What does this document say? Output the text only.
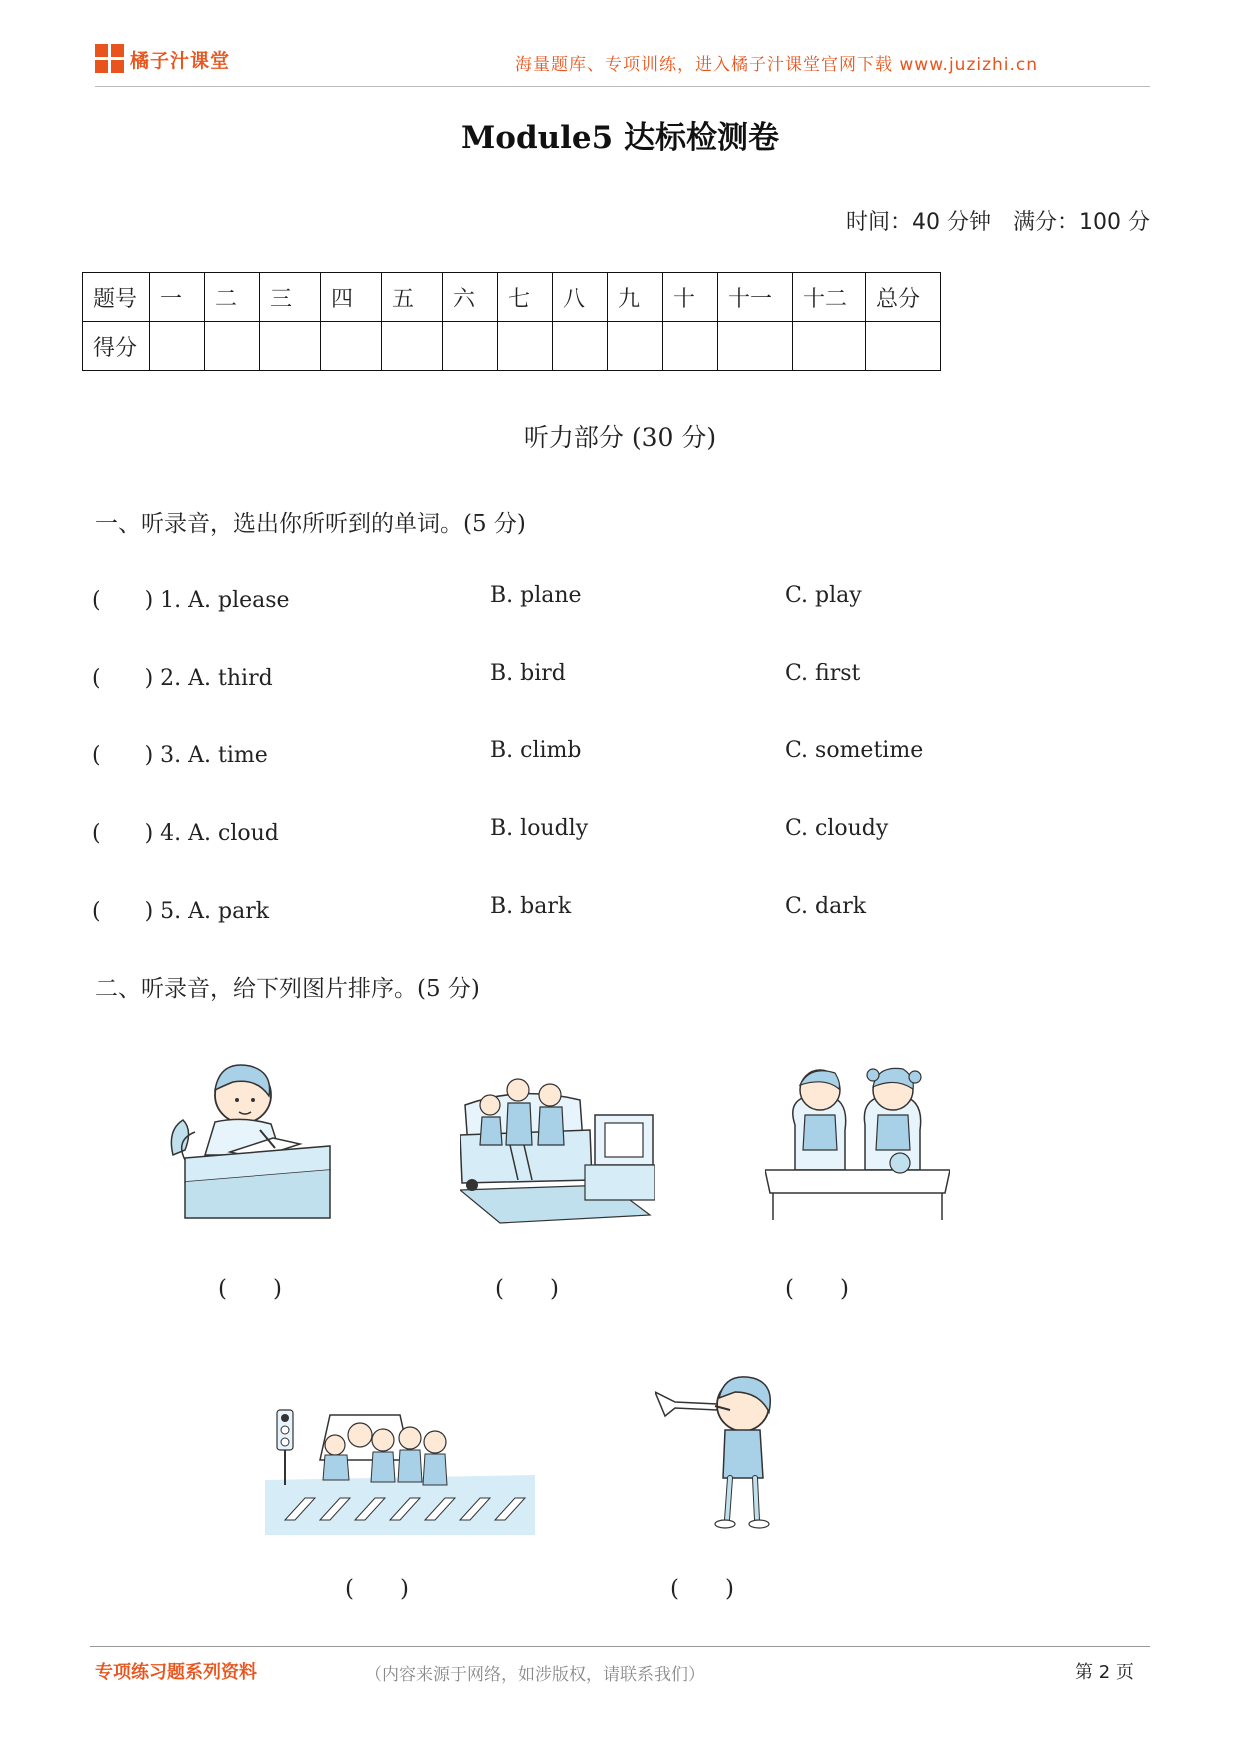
橘子汁课堂	海量题库、专项训练，进入橘子汁课堂官网下载 www.juzizhi.cn
Module5 达标检测卷
时间：40 分钟　满分：100 分
题号	一	二	三	四	五	六	七	八	九	十	十一	十二	总分
得分													
听力部分 (30 分)
一、听录音，选出你所听到的单词。(5 分)
(　　) 1. A. please	B. plane	C. play
(　　) 2. A. third	B. bird	C. first
(　　) 3. A. time	B. climb	C. sometime
(　　) 4. A. cloud	B. loudly	C. cloudy
(　　) 5. A. park	B. bark	C. dark
二、听录音，给下列图片排序。(5 分)
(　　)	(　　)	(　　)
(　　)	(　　)
专项练习题系列资料	（内容来源于网络，如涉版权，请联系我们）	第 2 页
